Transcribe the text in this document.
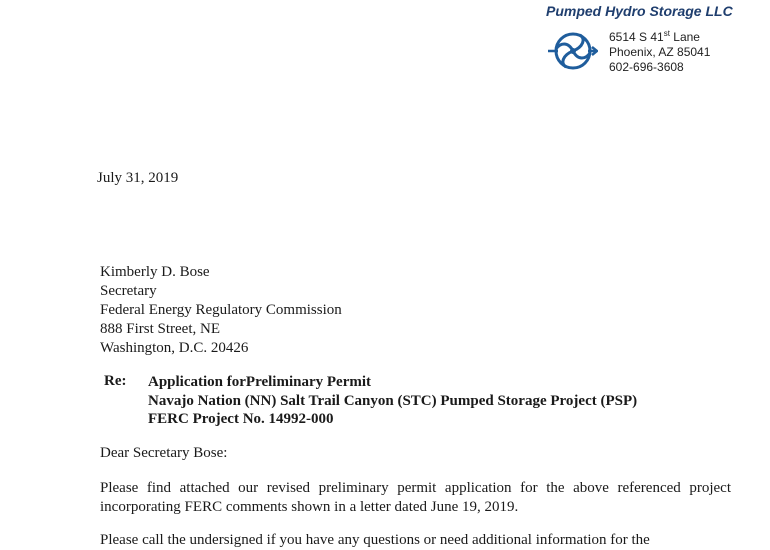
Pumped Hydro Storage LLC
6514 S 41st Lane
Phoenix, AZ 85041
602-696-3608
July 31, 2019
Kimberly D. Bose
Secretary
Federal Energy Regulatory Commission
888 First Street, NE
Washington, D.C. 20426
Re: Application forPreliminary Permit
Navajo Nation (NN) Salt Trail Canyon (STC) Pumped Storage Project (PSP)
FERC Project No. 14992-000
Dear Secretary Bose:
Please find attached our revised preliminary permit application for the above referenced project incorporating FERC comments shown in a letter dated June 19, 2019.
Please call the undersigned if you have any questions or need additional information for the
